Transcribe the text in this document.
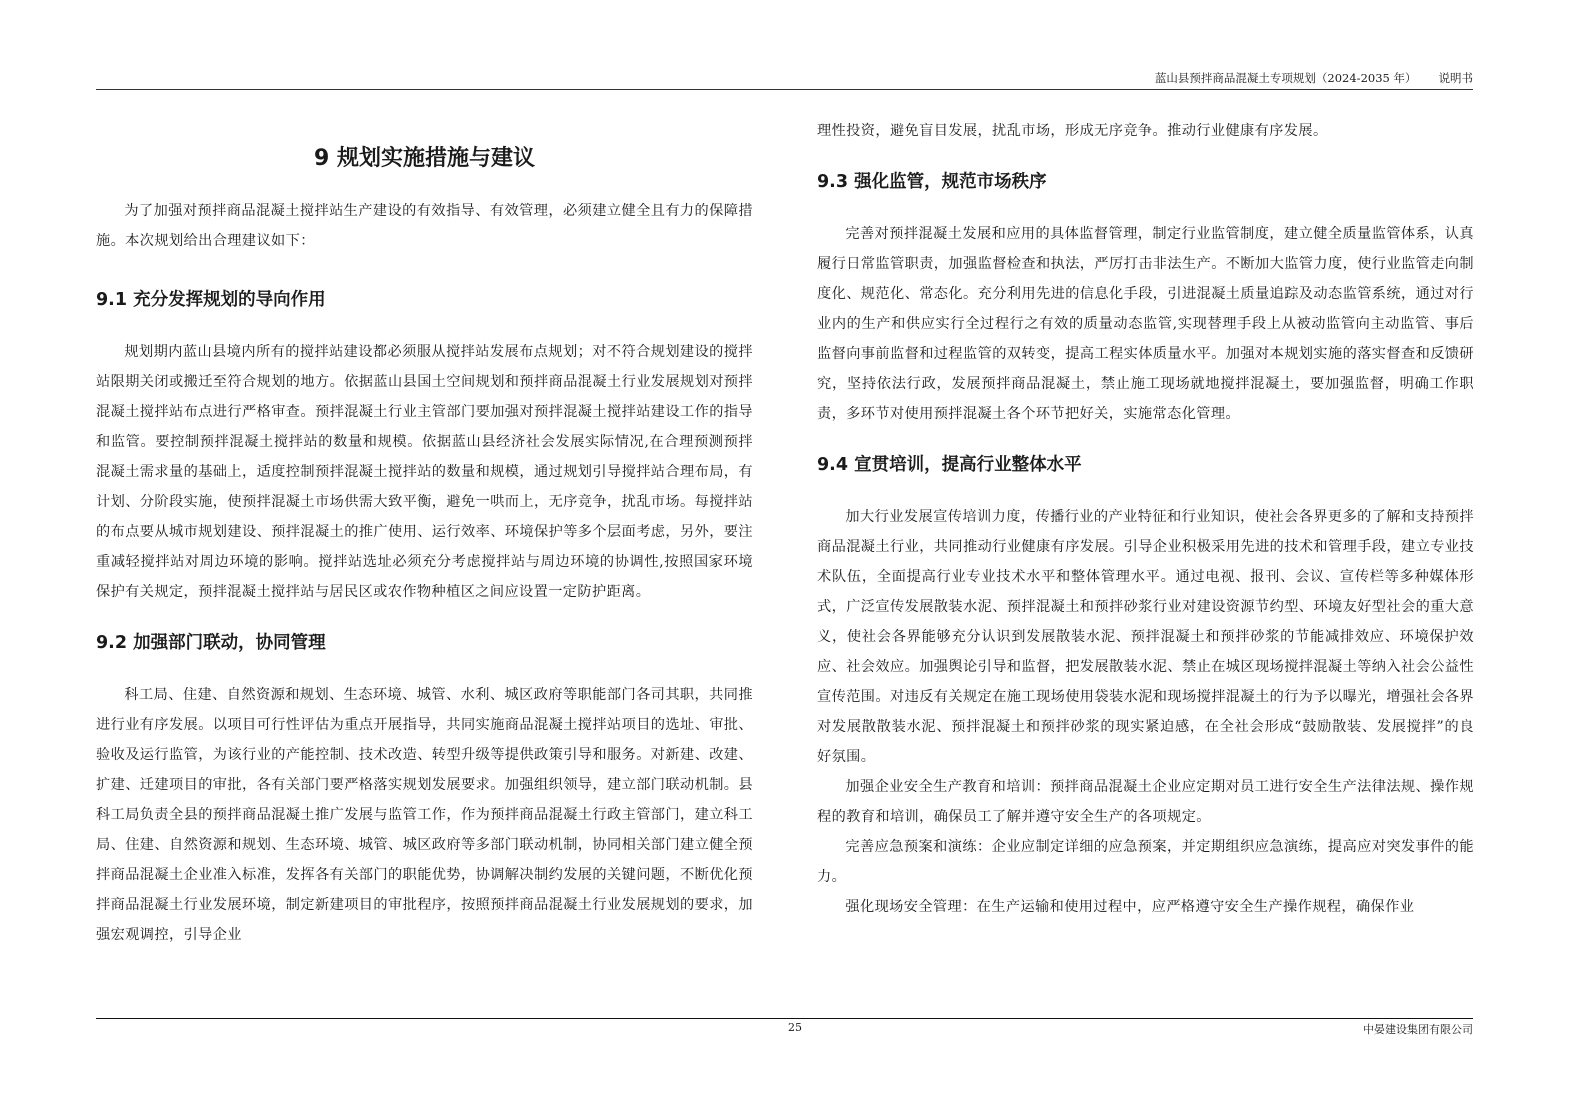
蓝山县预拌商品混凝土专项规划（2024-2035 年） 说明书
9 规划实施措施与建议

为了加强对预拌商品混凝土搅拌站生产建设的有效指导、有效管理，必须建立健全且有力的保障措施。本次规划给出合理建议如下：

9.1 充分发挥规划的导向作用

规划期内蓝山县境内所有的搅拌站建设都必须服从搅拌站发展布点规划；对不符合规划建设的搅拌站限期关闭或搬迁至符合规划的地方。依据蓝山县国土空间规划和预拌商品混凝土行业发展规划对预拌混凝土搅拌站布点进行严格审查。预拌混凝土行业主管部门要加强对预拌混凝土搅拌站建设工作的指导和监管。要控制预拌混凝土搅拌站的数量和规模。依据蓝山县经济社会发展实际情况,在合理预测预拌混凝土需求量的基础上，适度控制预拌混凝土搅拌站的数量和规模，通过规划引导搅拌站合理布局，有计划、分阶段实施，使预拌混凝土市场供需大致平衡，避免一哄而上，无序竞争，扰乱市场。每搅拌站的布点要从城市规划建设、预拌混凝土的推广使用、运行效率、环境保护等多个层面考虑，另外，要注重减轻搅拌站对周边环境的影响。搅拌站选址必须充分考虑搅拌站与周边环境的协调性,按照国家环境保护有关规定，预拌混凝土搅拌站与居民区或农作物种植区之间应设置一定防护距离。

9.2 加强部门联动，协同管理

科工局、住建、自然资源和规划、生态环境、城管、水利、城区政府等职能部门各司其职，共同推进行业有序发展。以项目可行性评估为重点开展指导，共同实施商品混凝土搅拌站项目的选址、审批、验收及运行监管，为该行业的产能控制、技术改造、转型升级等提供政策引导和服务。对新建、改建、扩建、迁建项目的审批，各有关部门要严格落实规划发展要求。加强组织领导，建立部门联动机制。县科工局负责全县的预拌商品混凝土推广发展与监管工作，作为预拌商品混凝土行政主管部门，建立科工局、住建、自然资源和规划、生态环境、城管、城区政府等多部门联动机制，协同相关部门建立健全预拌商品混凝土企业准入标准，发挥各有关部门的职能优势，协调解决制约发展的关键问题，不断优化预拌商品混凝土行业发展环境，制定新建项目的审批程序，按照预拌商品混凝土行业发展规划的要求，加强宏观调控，引导企业

理性投资，避免盲目发展，扰乱市场，形成无序竞争。推动行业健康有序发展。

9.3 强化监管，规范市场秩序

完善对预拌混凝土发展和应用的具体监督管理，制定行业监管制度，建立健全质量监管体系，认真履行日常监管职责，加强监督检查和执法，严厉打击非法生产。不断加大监管力度，使行业监管走向制度化、规范化、常态化。充分利用先进的信息化手段，引进混凝土质量追踪及动态监管系统，通过对行业内的生产和供应实行全过程行之有效的质量动态监管,实现替理手段上从被动监管向主动监管、事后监督向事前监督和过程监管的双转变，提高工程实体质量水平。加强对本规划实施的落实督查和反馈研究，坚持依法行政，发展预拌商品混凝土，禁止施工现场就地搅拌混凝土，要加强监督，明确工作职责，多环节对使用预拌混凝土各个环节把好关，实施常态化管理。

9.4 宣贯培训，提高行业整体水平

加大行业发展宣传培训力度，传播行业的产业特征和行业知识，使社会各界更多的了解和支持预拌商品混凝土行业，共同推动行业健康有序发展。引导企业积极采用先进的技术和管理手段，建立专业技术队伍，全面提高行业专业技术水平和整体管理水平。通过电视、报刊、会议、宣传栏等多种媒体形式，广泛宣传发展散装水泥、预拌混凝土和预拌砂浆行业对建设资源节约型、环境友好型社会的重大意义，使社会各界能够充分认识到发展散装水泥、预拌混凝土和预拌砂浆的节能减排效应、环境保护效应、社会效应。加强舆论引导和监督，把发展散装水泥、禁止在城区现场搅拌混凝土等纳入社会公益性宣传范围。对违反有关规定在施工现场使用袋装水泥和现场搅拌混凝土的行为予以曝光，增强社会各界对发展散散装水泥、预拌混凝土和预拌砂浆的现实紧迫感，在全社会形成“鼓励散装、发展搅拌”的良好氛围。

加强企业安全生产教育和培训：预拌商品混凝土企业应定期对员工进行安全生产法律法规、操作规程的教育和培训，确保员工了解并遵守安全生产的各项规定。

完善应急预案和演练：企业应制定详细的应急预案，并定期组织应急演练，提高应对突发事件的能力。

强化现场安全管理：在生产运输和使用过程中，应严格遵守安全生产操作规程，确保作业

25	中晏建设集团有限公司
